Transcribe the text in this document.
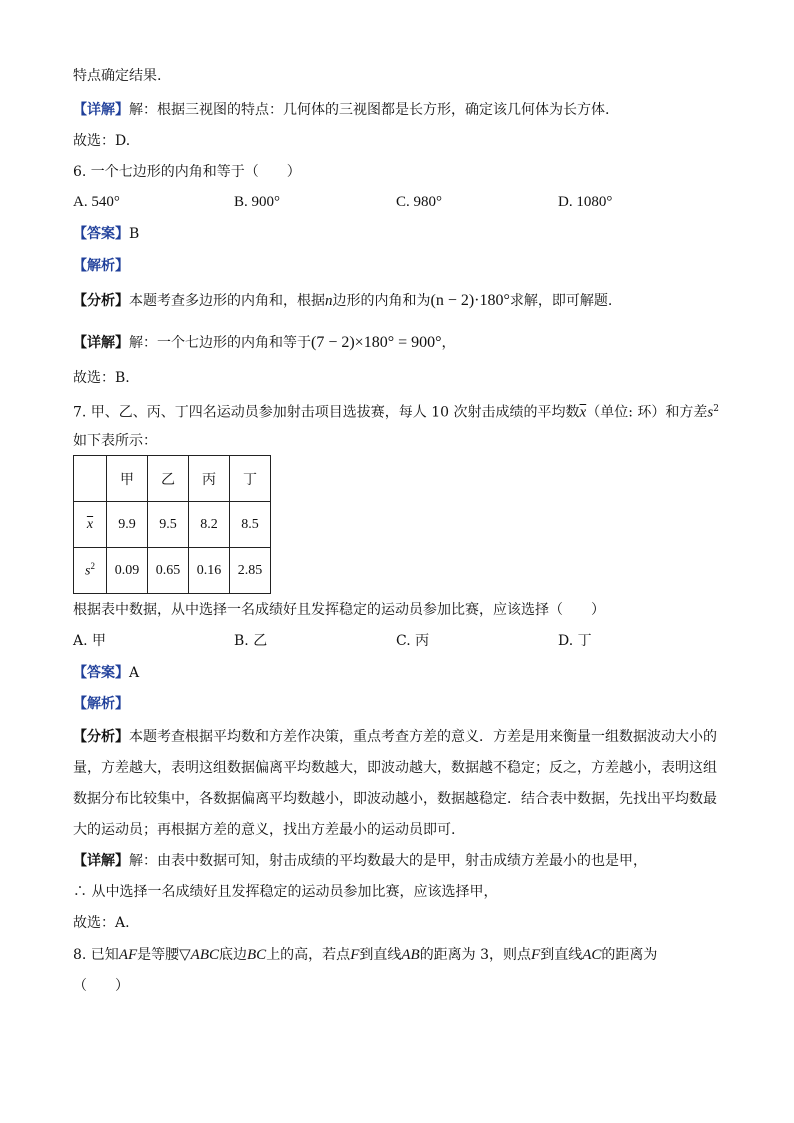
特点确定结果.
【详解】解：根据三视图的特点：几何体的三视图都是长方形，确定该几何体为长方体.
故选：D.
6. 一个七边形的内角和等于（　　）
A. 540°	B. 900°	C. 980°	D. 1080°
【答案】B
【解析】
【分析】本题考查多边形的内角和，根据n边形的内角和为(n − 2)·180°求解，即可解题.
【详解】解：一个七边形的内角和等于(7 − 2)×180° = 900°，
故选：B.
7. 甲、乙、丙、丁四名运动员参加射击项目选拔赛，每人 10 次射击成绩的平均数$\overline{x}$（单位: 环）和方差$s^2$
如下表所示：
	甲	乙	丙	丁
$\overline{x}$	9.9	9.5	8.2	8.5
$s^2$	0.09	0.65	0.16	2.85
根据表中数据，从中选择一名成绩好且发挥稳定的运动员参加比赛，应该选择（　　）
A. 甲	B. 乙	C. 丙	D. 丁
【答案】A
【解析】
【分析】本题考查根据平均数和方差作决策，重点考查方差的意义．方差是用来衡量一组数据波动大小的
量，方差越大，表明这组数据偏离平均数越大，即波动越大，数据越不稳定；反之，方差越小，表明这组
数据分布比较集中，各数据偏离平均数越小，即波动越小，数据越稳定．结合表中数据，先找出平均数最
大的运动员；再根据方差的意义，找出方差最小的运动员即可.
【详解】解：由表中数据可知，射击成绩的平均数最大的是甲，射击成绩方差最小的也是甲，
∴ 从中选择一名成绩好且发挥稳定的运动员参加比赛，应该选择甲，
故选：A.
8. 已知AF是等腰▽ABC底边BC上的高，若点F到直线AB的距离为 3，则点F到直线AC的距离为
（　　）
